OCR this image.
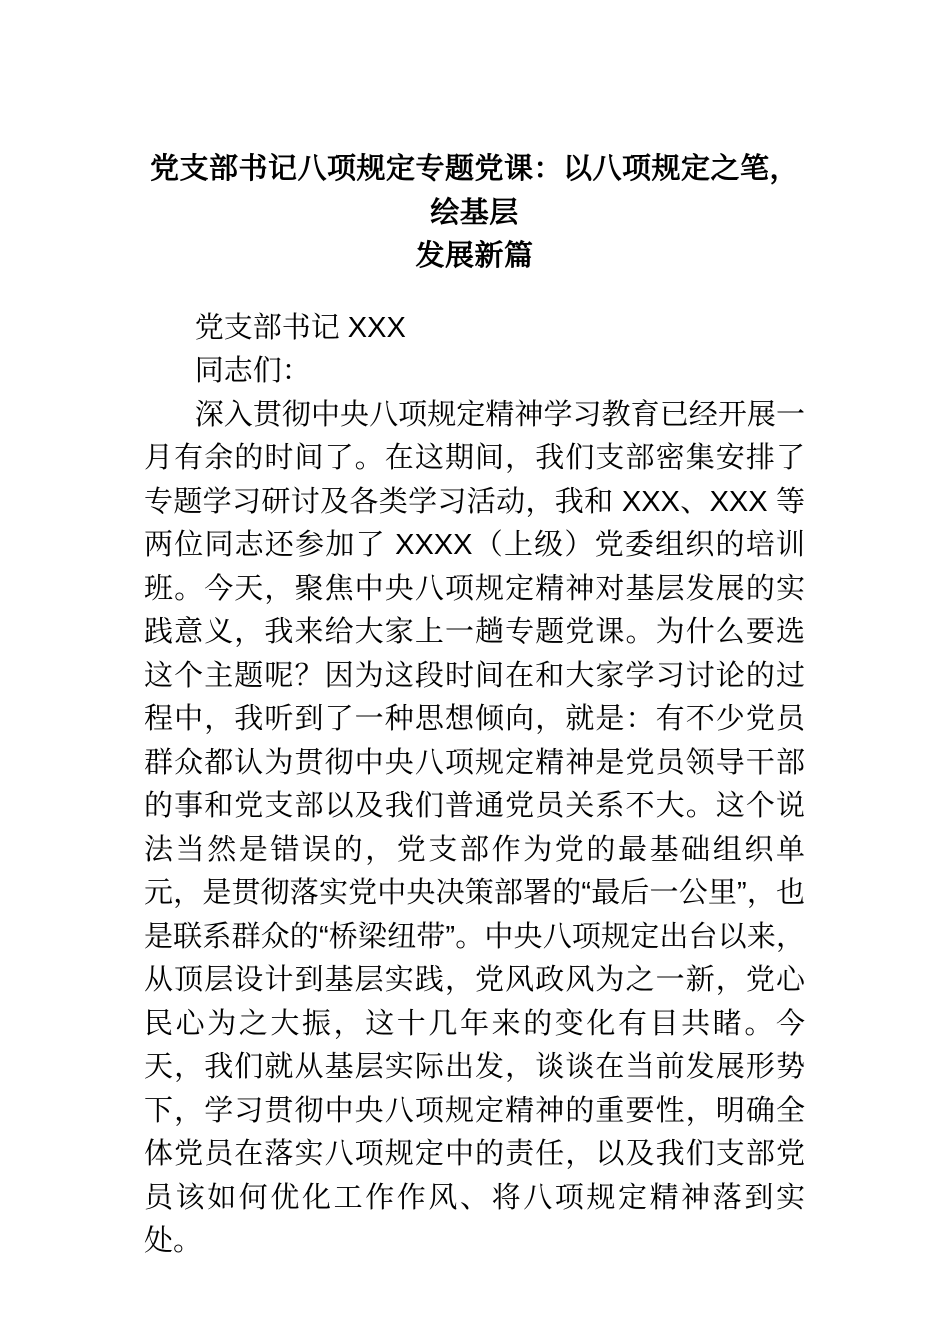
党支部书记八项规定专题党课：以八项规定之笔，绘基层
发展新篇

党支部书记 XXX

同志们：

深入贯彻中央八项规定精神学习教育已经开展一月有余的时间了。在这期间，我们支部密集安排了专题学习研讨及各类学习活动，我和 XXX、XXX 等两位同志还参加了 XXXX（上级）党委组织的培训班。今天，聚焦中央八项规定精神对基层发展的实践意义，我来给大家上一趟专题党课。为什么要选这个主题呢？因为这段时间在和大家学习讨论的过程中，我听到了一种思想倾向，就是：有不少党员群众都认为贯彻中央八项规定精神是党员领导干部的事和党支部以及我们普通党员关系不大。这个说法当然是错误的，党支部作为党的最基础组织单元，是贯彻落实党中央决策部署的“最后一公里”，也是联系群众的“桥梁纽带”。中央八项规定出台以来，从顶层设计到基层实践，党风政风为之一新，党心民心为之大振，这十几年来的变化有目共睹。今天，我们就从基层实际出发，谈谈在当前发展形势下，学习贯彻中央八项规定精神的重要性，明确全体党员在落实八项规定中的责任，以及我们支部党员该如何优化工作作风、将八项规定精神落到实处。
